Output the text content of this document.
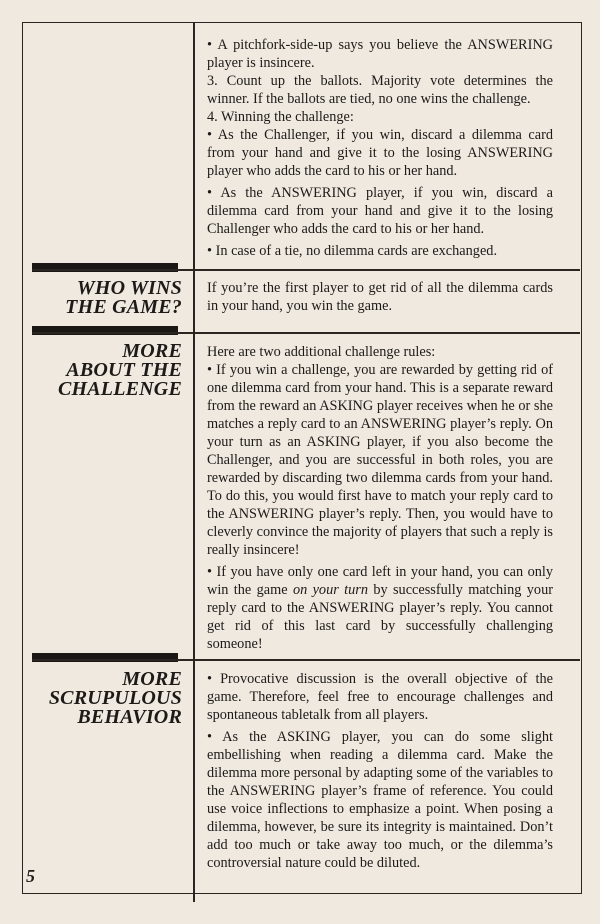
• A pitchfork-side-up says you believe the ANSWERING player is insincere.

3. Count up the ballots. Majority vote determines the winner. If the ballots are tied, no one wins the challenge.

4. Winning the challenge:

• As the Challenger, if you win, discard a dilemma card from your hand and give it to the losing ANSWERING player who adds the card to his or her hand.

• As the ANSWERING player, if you win, discard a dilemma card from your hand and give it to the losing Challenger who adds the card to his or her hand.

• In case of a tie, no dilemma cards are exchanged.

WHO WINS
THE GAME?

If you’re the first player to get rid of all the dilemma cards in your hand, you win the game.

MORE
ABOUT THE
CHALLENGE

Here are two additional challenge rules:

• If you win a challenge, you are rewarded by getting rid of one dilemma card from your hand. This is a separate reward from the reward an ASKING player receives when he or she matches a reply card to an ANSWERING player’s reply. On your turn as an ASKING player, if you also become the Challenger, and you are successful in both roles, you are rewarded by discarding two dilemma cards from your hand. To do this, you would first have to match your reply card to the ANSWERING player’s reply. Then, you would have to cleverly convince the majority of players that such a reply is really insincere!

• If you have only one card left in your hand, you can only win the game on your turn by successfully matching your reply card to the ANSWERING player’s reply. You cannot get rid of this last card by successfully challenging someone!

MORE
SCRUPULOUS
BEHAVIOR

• Provocative discussion is the overall objective of the game. Therefore, feel free to encourage challenges and spontaneous tabletalk from all players.

• As the ASKING player, you can do some slight embellishing when reading a dilemma card. Make the dilemma more personal by adapting some of the variables to the ANSWERING player’s frame of reference. You could use voice inflections to emphasize a point. When posing a dilemma, however, be sure its integrity is maintained. Don’t add too much or take away too much, or the dilemma’s controversial nature could be diluted.

5
